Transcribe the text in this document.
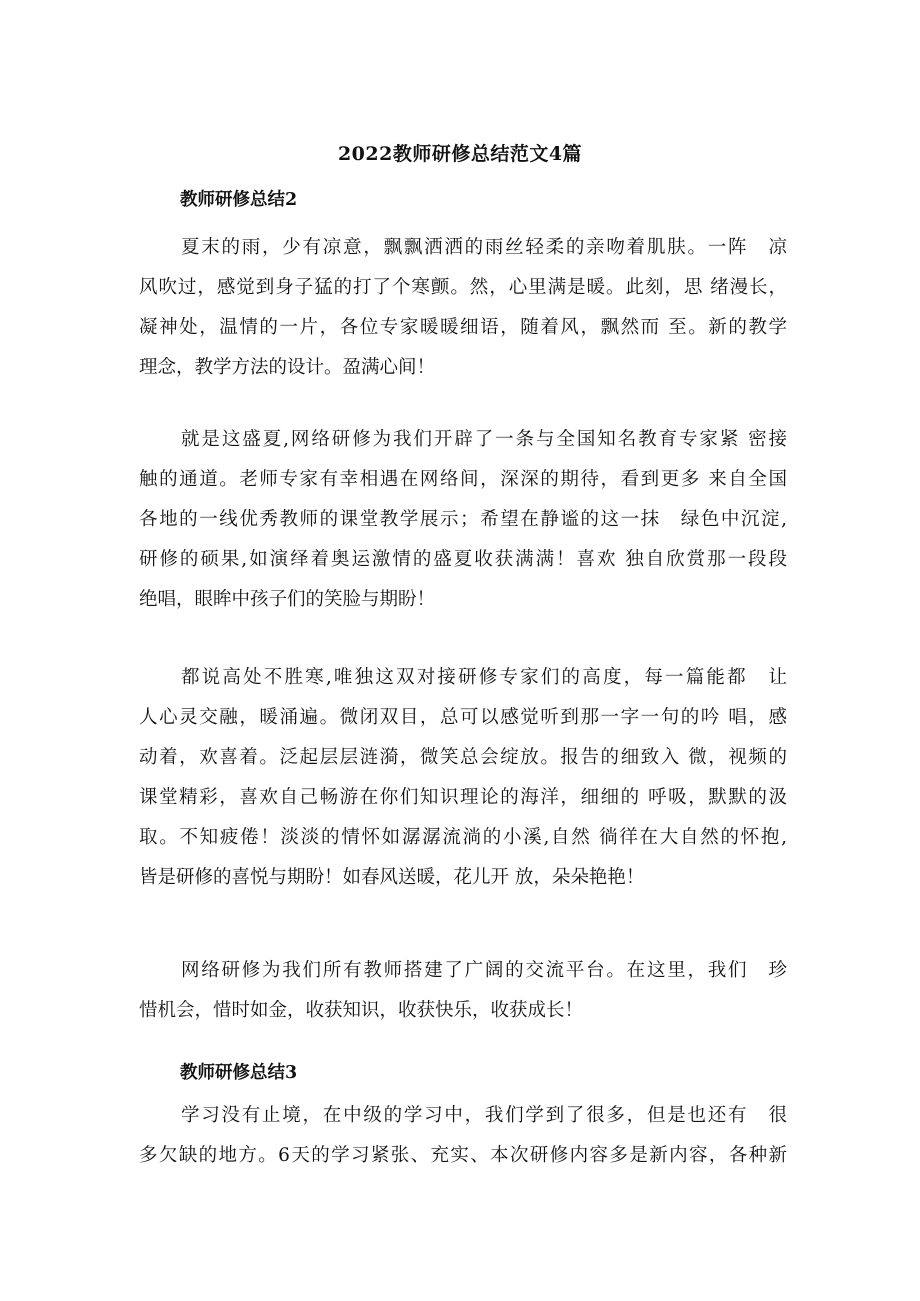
2022教师研修总结范文4篇
教师研修总结2
夏末的雨，少有凉意，飘飘洒洒的雨丝轻柔的亲吻着肌肤。一阵　凉
风吹过，感觉到身子猛的打了个寒颤。然，心里满是暖。此刻，思 绪漫长，
凝神处，温情的一片，各位专家暖暖细语，随着风，飘然而 至。新的教学
理念，教学方法的设计。盈满心间！
就是这盛夏,网络研修为我们开辟了一条与全国知名教育专家紧 密接
触的通道。老师专家有幸相遇在网络间，深深的期待，看到更多 来自全国
各地的一线优秀教师的课堂教学展示；希望在静谧的这一抹　绿色中沉淀,
研修的硕果,如演绎着奥运激情的盛夏收获满满！喜欢 独自欣赏那一段段
绝唱，眼眸中孩子们的笑脸与期盼！
都说高处不胜寒,唯独这双对接研修专家们的高度，每一篇能都　让
人心灵交融，暖涌遍。微闭双目，总可以感觉听到那一字一句的吟 唱，感
动着，欢喜着。泛起层层涟漪，微笑总会绽放。报告的细致入 微，视频的
课堂精彩，喜欢自己畅游在你们知识理论的海洋，细细的 呼吸，默默的汲
取。不知疲倦！淡淡的情怀如潺潺流淌的小溪,自然 徜徉在大自然的怀抱,
皆是研修的喜悦与期盼！如春风送暖，花儿开 放，朵朵艳艳！
网络研修为我们所有教师搭建了广阔的交流平台。在这里，我们　珍
惜机会，惜时如金，收获知识，收获快乐，收获成长！
教师研修总结3
学习没有止境，在中级的学习中，我们学到了很多，但是也还有　很
多欠缺的地方。6天的学习紧张、充实、本次研修内容多是新内容，各种新
